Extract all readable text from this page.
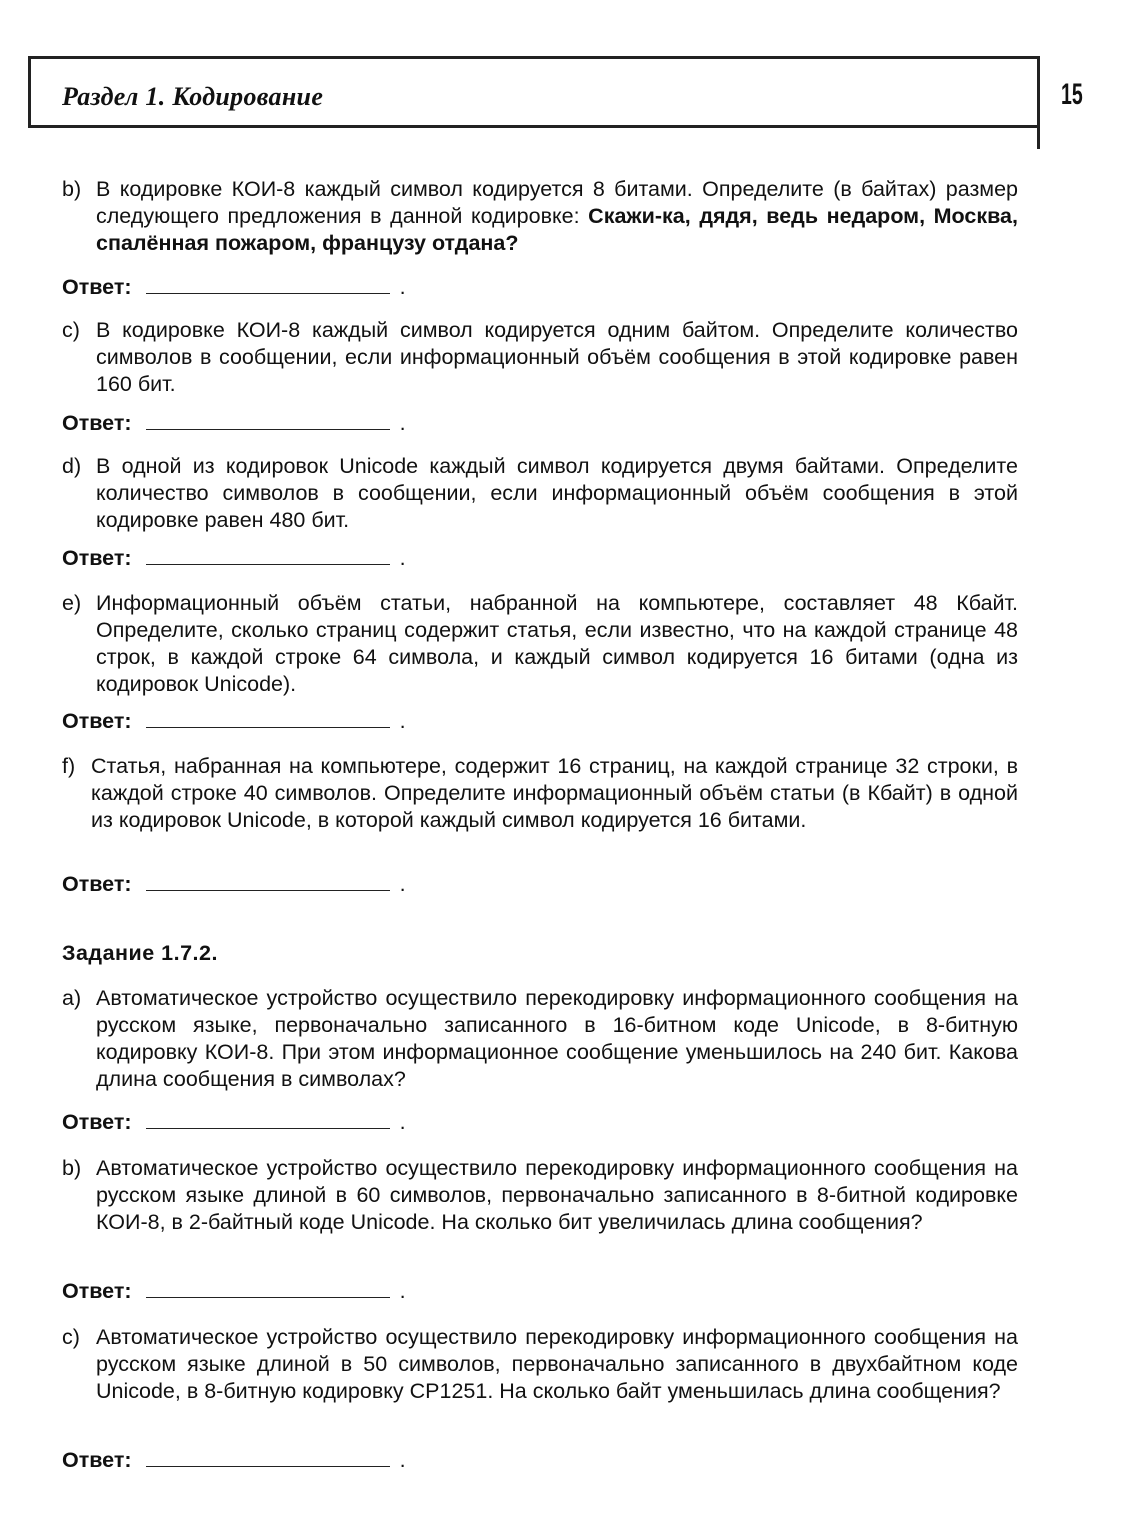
Раздел 1. Кодирование	15
b) В кодировке КОИ-8 каждый символ кодируется 8 битами. Определите (в байтах) размер следующего предложения в данной кодировке: Скажи-ка, дядя, ведь недаром, Москва, спалённая пожаром, французу отдана?
Ответ:	.
c) В кодировке КОИ-8 каждый символ кодируется одним байтом. Определите количество символов в сообщении, если информационный объём сообщения в этой кодировке равен 160 бит.
Ответ:	.
d) В одной из кодировок Unicode каждый символ кодируется двумя байтами. Определите количество символов в сообщении, если информационный объём сообщения в этой кодировке равен 480 бит.
Ответ:	.
e) Информационный объём статьи, набранной на компьютере, составляет 48 Кбайт. Определите, сколько страниц содержит статья, если известно, что на каждой странице 48 строк, в каждой строке 64 символа, и каждый символ кодируется 16 битами (одна из кодировок Unicode).
Ответ:	.
f) Статья, набранная на компьютере, содержит 16 страниц, на каждой странице 32 строки, в каждой строке 40 символов. Определите информационный объём статьи (в Кбайт) в одной из кодировок Unicode, в которой каждый символ кодируется 16 битами.
Ответ:	.
Задание 1.7.2.
a) Автоматическое устройство осуществило перекодировку информационного сообщения на русском языке, первоначально записанного в 16-битном коде Unicode, в 8-битную кодировку КОИ-8. При этом информационное сообщение уменьшилось на 240 бит. Какова длина сообщения в символах?
Ответ:	.
b) Автоматическое устройство осуществило перекодировку информационного сообщения на русском языке длиной в 60 символов, первоначально записанного в 8-битной кодировке КОИ-8, в 2-байтный коде Unicode. На сколько бит увеличилась длина сообщения?
Ответ:	.
c) Автоматическое устройство осуществило перекодировку информационного сообщения на русском языке длиной в 50 символов, первоначально записанного в двухбайтном коде Unicode, в 8-битную кодировку CP1251. На сколько байт уменьшилась длина сообщения?
Ответ:	.
